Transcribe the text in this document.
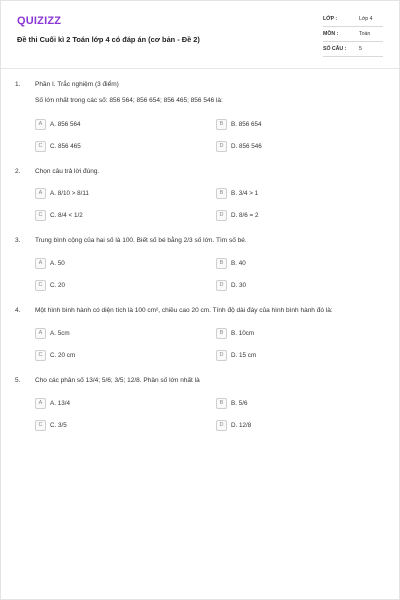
QUIZIZZ
Đề thi Cuối kì 2 Toán lớp 4 có đáp án (cơ bản - Đề 2)
LỚP :	Lớp 4
MÔN :	Toán
SỐ CÂU : 5
1. Phần I. Trắc nghiệm (3 điểm)
Số lớn nhất trong các số: 856 564; 856 654; 856 465; 856 546 là:
A	A. 856 564	B	B. 856 654
C	C. 856 465	D	D. 856 546
2. Chọn câu trả lời đúng.
A	A. 8/10 > 8/11	B	B. 3/4 > 1
C	C. 8/4 < 1/2	D	D. 8/6 = 2
3. Trung bình cộng của hai số là 100. Biết số bé bằng 2/3 số lớn. Tìm số bé.
A	A. 50	B	B. 40
C	C. 20	D	D. 30
4. Một hình bình hành có diện tích là 100 cm², chiều cao 20 cm. Tính độ dài đáy của hình bình hành đó là:
A	A. 5cm	B	B. 10cm
C	C. 20 cm	D	D. 15 cm
5. Cho các phân số 13/4; 5/6; 3/5; 12/8. Phân số lớn nhất là
A	A. 13/4	B	B. 5/6
C	C. 3/5	D	D. 12/8
